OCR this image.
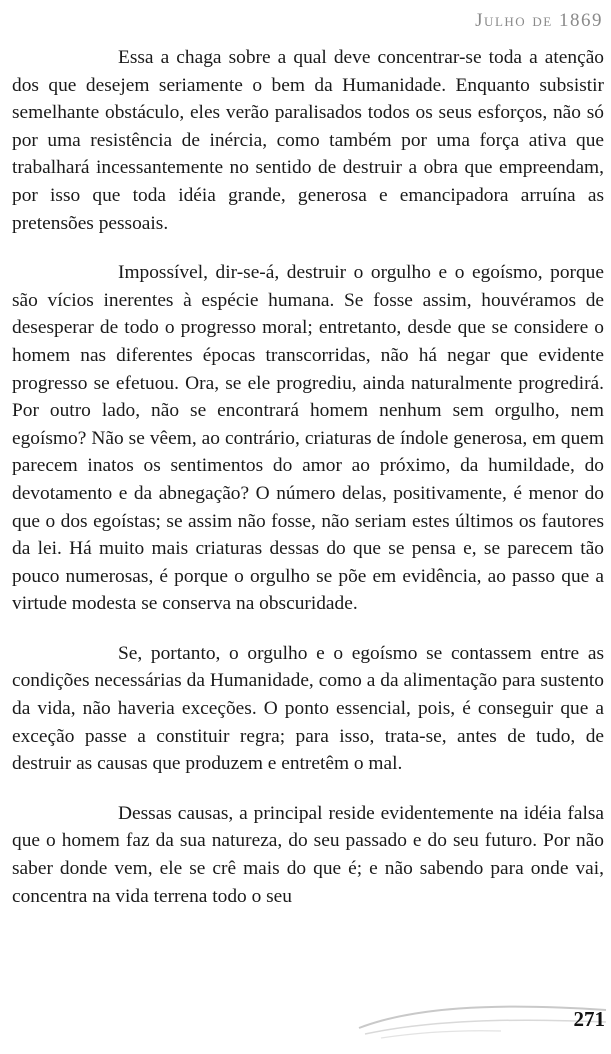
Julho de 1869

Essa a chaga sobre a qual deve concentrar-se toda a atenção dos que desejem seriamente o bem da Humanidade. Enquanto subsistir semelhante obstáculo, eles verão paralisados todos os seus esforços, não só por uma resistência de inércia, como também por uma força ativa que trabalhará incessantemente no sentido de destruir a obra que empreendam, por isso que toda idéia grande, generosa e emancipadora arruína as pretensões pessoais.

Impossível, dir-se-á, destruir o orgulho e o egoísmo, porque são vícios inerentes à espécie humana. Se fosse assim, houvéramos de desesperar de todo o progresso moral; entretanto, desde que se considere o homem nas diferentes épocas transcorridas, não há negar que evidente progresso se efetuou. Ora, se ele progrediu, ainda naturalmente progredirá. Por outro lado, não se encontrará homem nenhum sem orgulho, nem egoísmo? Não se vêem, ao contrário, criaturas de índole generosa, em quem parecem inatos os sentimentos do amor ao próximo, da humildade, do devotamento e da abnegação? O número delas, positivamente, é menor do que o dos egoístas; se assim não fosse, não seriam estes últimos os fautores da lei. Há muito mais criaturas dessas do que se pensa e, se parecem tão pouco numerosas, é porque o orgulho se põe em evidência, ao passo que a virtude modesta se conserva na obscuridade.

Se, portanto, o orgulho e o egoísmo se contassem entre as condições necessárias da Humanidade, como a da alimentação para sustento da vida, não haveria exceções. O ponto essencial, pois, é conseguir que a exceção passe a constituir regra; para isso, trata-se, antes de tudo, de destruir as causas que produzem e entretêm o mal.

Dessas causas, a principal reside evidentemente na idéia falsa que o homem faz da sua natureza, do seu passado e do seu futuro. Por não saber donde vem, ele se crê mais do que é; e não sabendo para onde vai, concentra na vida terrena todo o seu

271
